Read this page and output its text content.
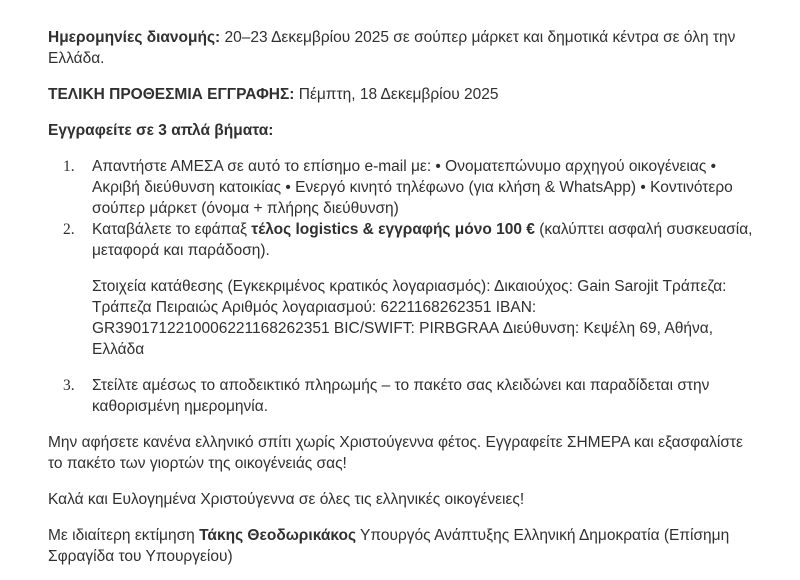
Ημερομηνίες διανομής: 20–23 Δεκεμβρίου 2025 σε σούπερ μάρκετ και δημοτικά κέντρα σε όλη την Ελλάδα.

ΤΕΛΙΚΗ ΠΡΟΘΕΣΜΙΑ ΕΓΓΡΑΦΗΣ: Πέμπτη, 18 Δεκεμβρίου 2025

Εγγραφείτε σε 3 απλά βήματα:

1. Απαντήστε ΑΜΕΣΑ σε αυτό το επίσημο e-mail με: • Ονοματεπώνυμο αρχηγού οικογένειας • Ακριβή διεύθυνση κατοικίας • Ενεργό κινητό τηλέφωνο (για κλήση & WhatsApp) • Κοντινότερο σούπερ μάρκετ (όνομα + πλήρης διεύθυνση)
2. Καταβάλετε το εφάπαξ τέλος logistics & εγγραφής μόνο 100 € (καλύπτει ασφαλή συσκευασία, μεταφορά και παράδοση).

Στοιχεία κατάθεσης (Εγκεκριμένος κρατικός λογαριασμός): Δικαιούχος: Gain Sarojit Τράπεζα: Τράπεζα Πειραιώς Αριθμός λογαριασμού: 6221168262351 IBAN: GR3901712210006221168262351 BIC/SWIFT: PIRBGRAA Διεύθυνση: Κεψέλη 69, Αθήνα, Ελλάδα

3. Στείλτε αμέσως το αποδεικτικό πληρωμής – το πακέτο σας κλειδώνει και παραδίδεται στην καθορισμένη ημερομηνία.

Μην αφήσετε κανένα ελληνικό σπίτι χωρίς Χριστούγεννα φέτος. Εγγραφείτε ΣΗΜΕΡΑ και εξασφαλίστε το πακέτο των γιορτών της οικογένειάς σας!

Καλά και Ευλογημένα Χριστούγεννα σε όλες τις ελληνικές οικογένειες!

Με ιδιαίτερη εκτίμηση Τάκης Θεοδωρικάκος Υπουργός Ανάπτυξης Ελληνική Δημοκρατία (Επίσημη Σφραγίδα του Υπουργείου)
